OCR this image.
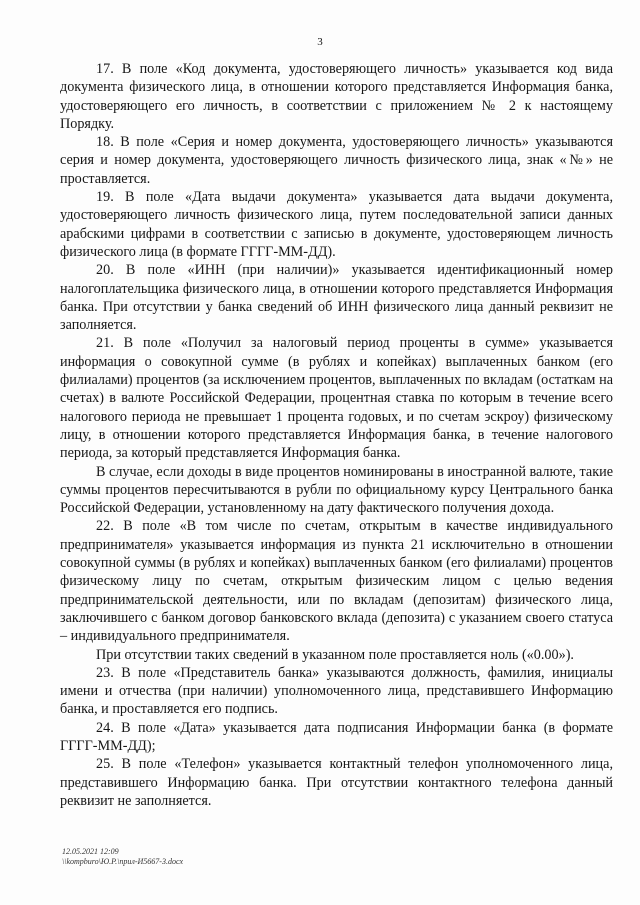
3

17. В поле «Код документа, удостоверяющего личность» указывается код вида документа физического лица, в отношении которого представляется Информация банка, удостоверяющего его личность, в соответствии с приложением № 2 к настоящему Порядку.

18. В поле «Серия и номер документа, удостоверяющего личность» указываются серия и номер документа, удостоверяющего личность физического лица, знак «№» не проставляется.

19. В поле «Дата выдачи документа» указывается дата выдачи документа, удостоверяющего личность физического лица, путем последовательной записи данных арабскими цифрами в соответствии с записью в документе, удостоверяющем личность физического лица (в формате ГГГГ-ММ-ДД).

20. В поле «ИНН (при наличии)» указывается идентификационный номер налогоплательщика физического лица, в отношении которого представляется Информация банка. При отсутствии у банка сведений об ИНН физического лица данный реквизит не заполняется.

21. В поле «Получил за налоговый период проценты в сумме» указывается информация о совокупной сумме (в рублях и копейках) выплаченных банком (его филиалами) процентов (за исключением процентов, выплаченных по вкладам (остаткам на счетах) в валюте Российской Федерации, процентная ставка по которым в течение всего налогового периода не превышает 1 процента годовых, и по счетам эскроу) физическому лицу, в отношении которого представляется Информация банка, в течение налогового периода, за который представляется Информация банка.

В случае, если доходы в виде процентов номинированы в иностранной валюте, такие суммы процентов пересчитываются в рубли по официальному курсу Центрального банка Российской Федерации, установленному на дату фактического получения дохода.

22. В поле «В том числе по счетам, открытым в качестве индивидуального предпринимателя» указывается информация из пункта 21 исключительно в отношении совокупной суммы (в рублях и копейках) выплаченных банком (его филиалами) процентов физическому лицу по счетам, открытым физическим лицом с целью ведения предпринимательской деятельности, или по вкладам (депозитам) физического лица, заключившего с банком договор банковского вклада (депозита) с указанием своего статуса – индивидуального предпринимателя.

При отсутствии таких сведений в указанном поле проставляется ноль («0.00»).

23. В поле «Представитель банка» указываются должность, фамилия, инициалы имени и отчества (при наличии) уполномоченного лица, представившего Информацию банка, и проставляется его подпись.

24. В поле «Дата» указывается дата подписания Информации банка (в формате ГГГГ-ММ-ДД);

25. В поле «Телефон» указывается контактный телефон уполномоченного лица, представившего Информацию банка. При отсутствии контактного телефона данный реквизит не заполняется.

12.05.2021 12:09
\\kompburo\Ю.Р.\прил-И5667-3.docx
